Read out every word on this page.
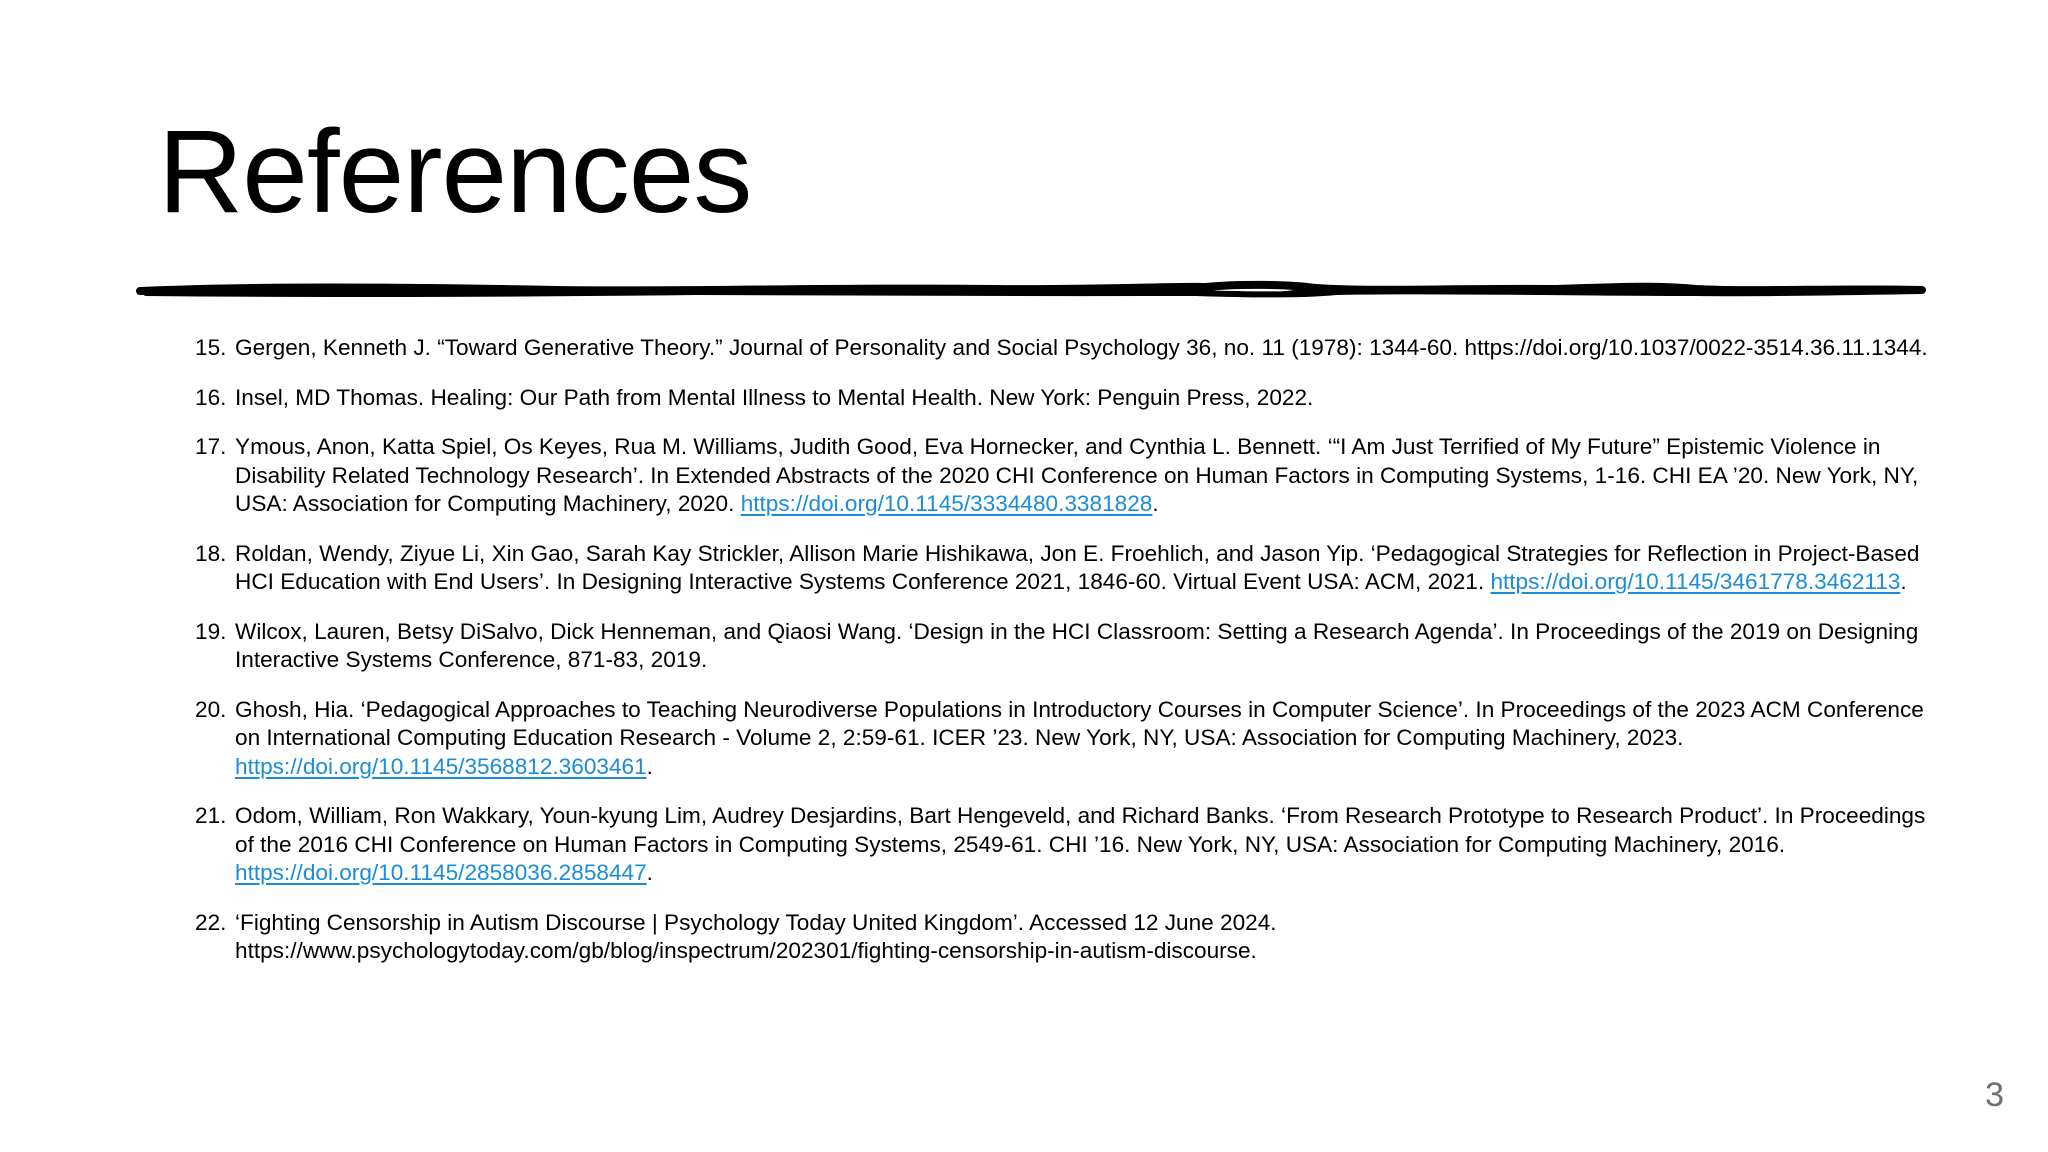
References
15. Gergen, Kenneth J. “Toward Generative Theory.” Journal of Personality and Social Psychology 36, no. 11 (1978): 1344-60. https://doi.org/10.1037/0022-3514.36.11.1344.
16. Insel, MD Thomas. Healing: Our Path from Mental Illness to Mental Health. New York: Penguin Press, 2022.
17. Ymous, Anon, Katta Spiel, Os Keyes, Rua M. Williams, Judith Good, Eva Hornecker, and Cynthia L. Bennett. ‘“I Am Just Terrified of My Future” Epistemic Violence in Disability Related Technology Research’. In Extended Abstracts of the 2020 CHI Conference on Human Factors in Computing Systems, 1-16. CHI EA ’20. New York, NY, USA: Association for Computing Machinery, 2020. https://doi.org/10.1145/3334480.3381828.
18. Roldan, Wendy, Ziyue Li, Xin Gao, Sarah Kay Strickler, Allison Marie Hishikawa, Jon E. Froehlich, and Jason Yip. ‘Pedagogical Strategies for Reflection in Project-Based HCI Education with End Users’. In Designing Interactive Systems Conference 2021, 1846-60. Virtual Event USA: ACM, 2021. https://doi.org/10.1145/3461778.3462113.
19. Wilcox, Lauren, Betsy DiSalvo, Dick Henneman, and Qiaosi Wang. ‘Design in the HCI Classroom: Setting a Research Agenda’. In Proceedings of the 2019 on Designing Interactive Systems Conference, 871-83, 2019.
20. Ghosh, Hia. ‘Pedagogical Approaches to Teaching Neurodiverse Populations in Introductory Courses in Computer Science’. In Proceedings of the 2023 ACM Conference on International Computing Education Research - Volume 2, 2:59-61. ICER ’23. New York, NY, USA: Association for Computing Machinery, 2023. https://doi.org/10.1145/3568812.3603461.
21. Odom, William, Ron Wakkary, Youn-kyung Lim, Audrey Desjardins, Bart Hengeveld, and Richard Banks. ‘From Research Prototype to Research Product’. In Proceedings of the 2016 CHI Conference on Human Factors in Computing Systems, 2549-61. CHI ’16. New York, NY, USA: Association for Computing Machinery, 2016. https://doi.org/10.1145/2858036.2858447.
22. ‘Fighting Censorship in Autism Discourse | Psychology Today United Kingdom’. Accessed 12 June 2024. https://www.psychologytoday.com/gb/blog/inspectrum/202301/fighting-censorship-in-autism-discourse.
3
